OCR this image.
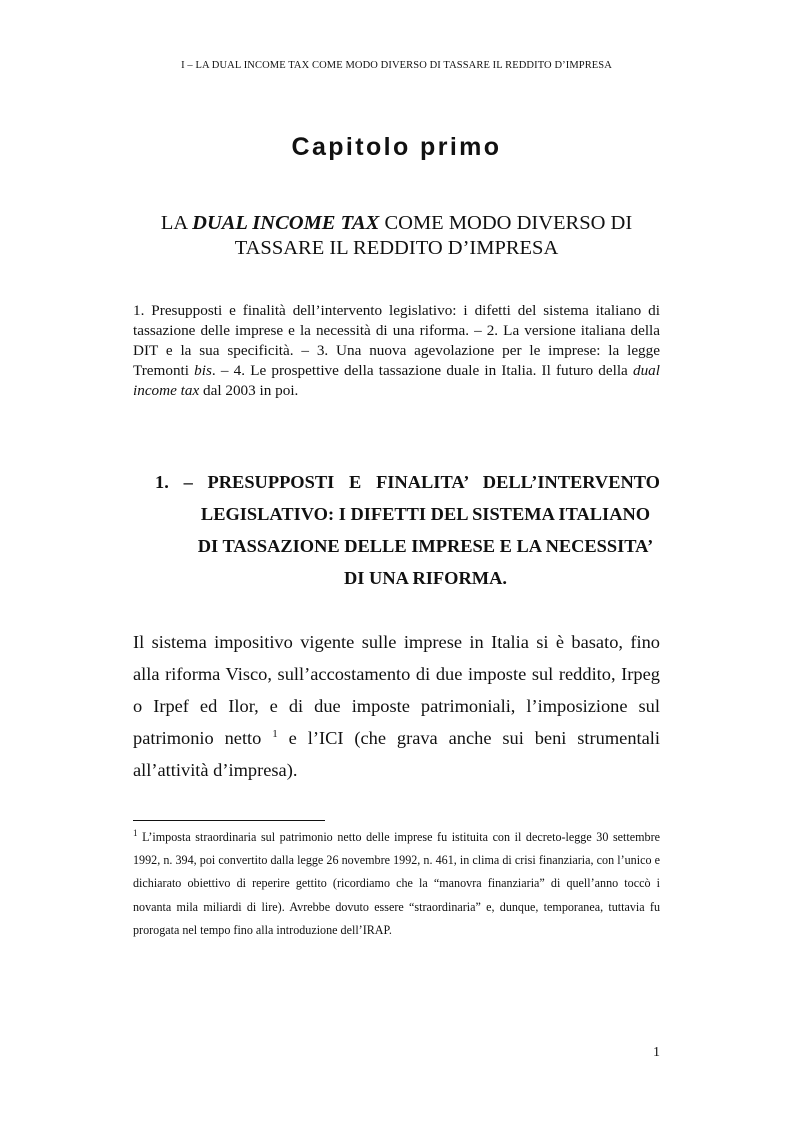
I – LA DUAL INCOME TAX COME MODO DIVERSO DI TASSARE IL REDDITO D’IMPRESA
Capitolo primo
LA DUAL INCOME TAX COME MODO DIVERSO DI TASSARE IL REDDITO D’IMPRESA
1. Presupposti e finalità dell’intervento legislativo: i difetti del sistema italiano di tassazione delle imprese e la necessità di una riforma. – 2. La versione italiana della DIT e la sua specificità. – 3. Una nuova agevolazione per le imprese: la legge Tremonti bis. – 4. Le prospettive della tassazione duale in Italia. Il futuro della dual income tax dal 2003 in poi.
1. – PRESUPPOSTI E FINALITA’ DELL’INTERVENTO
LEGISLATIVO: I DIFETTI DEL SISTEMA ITALIANO
DI TASSAZIONE DELLE IMPRESE E LA NECESSITA’
DI UNA RIFORMA.
Il sistema impositivo vigente sulle imprese in Italia si è basato, fino alla riforma Visco, sull’accostamento di due imposte sul reddito, Irpeg o Irpef ed Ilor, e di due imposte patrimoniali, l’imposizione sul patrimonio netto $^1$ e l’ICI (che grava anche sui beni strumentali all’attività d’impresa).
$^1$ L’imposta straordinaria sul patrimonio netto delle imprese fu istituita con il decreto-legge 30 settembre 1992, n. 394, poi convertito dalla legge 26 novembre 1992, n. 461, in clima di crisi finanziaria, con l’unico e dichiarato obiettivo di reperire gettito (ricordiamo che la “manovra finanziaria” di quell’anno toccò i novanta mila miliardi di lire). Avrebbe dovuto essere “straordinaria” e, dunque, temporanea, tuttavia fu prorogata nel tempo fino alla introduzione dell’IRAP.
1
